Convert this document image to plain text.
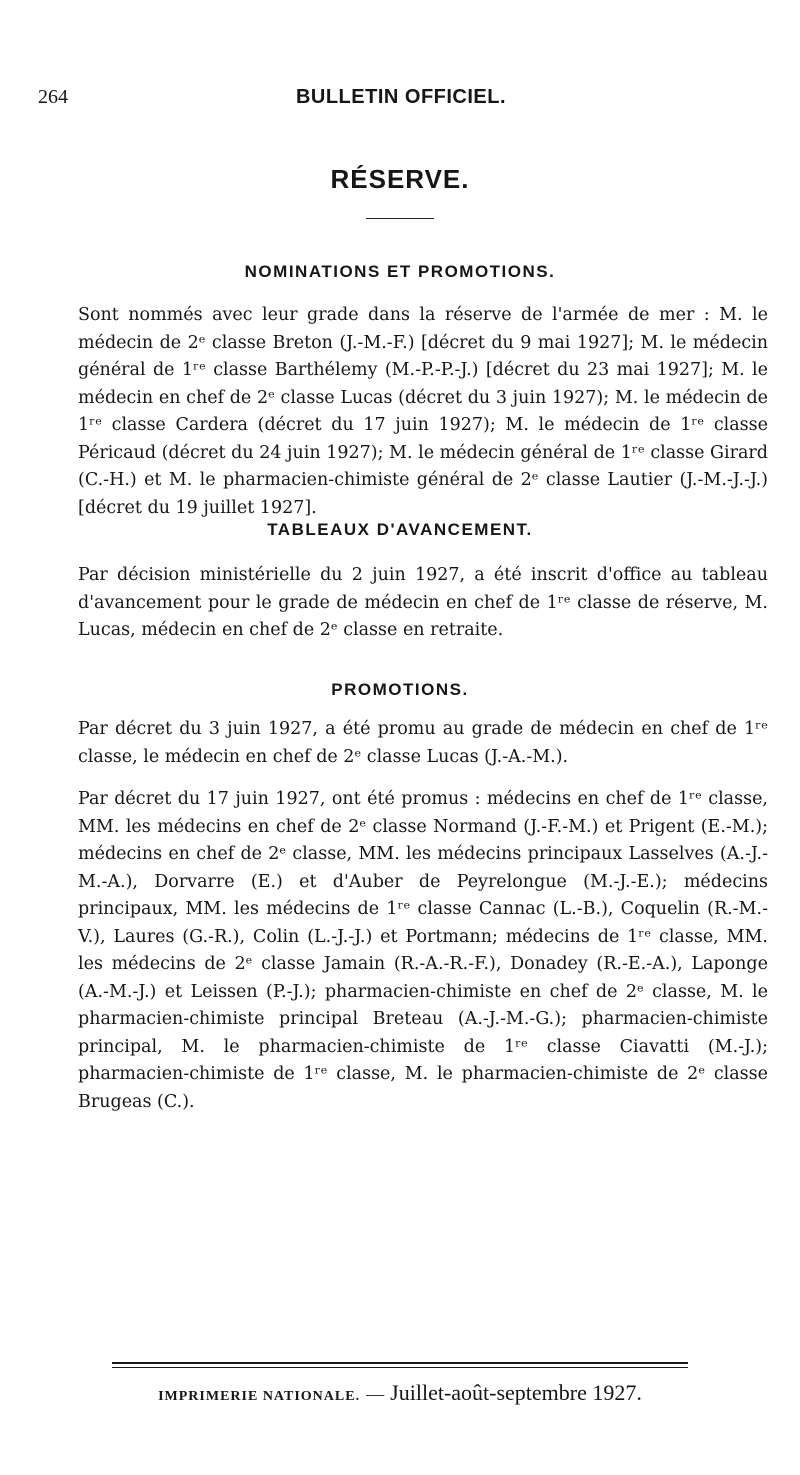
264	BULLETIN OFFICIEL.
RÉSERVE.
NOMINATIONS ET PROMOTIONS.

Sont nommés avec leur grade dans la réserve de l'armée de mer : M. le médecin de 2ᵉ classe Breton (J.-M.-F.) [décret du 9 mai 1927]; M. le médecin général de 1ʳᵉ classe Barthélemy (M.-P.-P.-J.) [décret du 23 mai 1927]; M. le médecin en chef de 2ᵉ classe Lucas (décret du 3 juin 1927); M. le médecin de 1ʳᵉ classe Cardera (décret du 17 juin 1927); M. le médecin de 1ʳᵉ classe Péricaud (décret du 24 juin 1927); M. le médecin général de 1ʳᵉ classe Girard (C.-H.) et M. le pharmacien-chimiste général de 2ᵉ classe Lautier (J.-M.-J.-J.) [décret du 19 juillet 1927].

TABLEAUX D'AVANCEMENT.

Par décision ministérielle du 2 juin 1927, a été inscrit d'office au tableau d'avancement pour le grade de médecin en chef de 1ʳᵉ classe de réserve, M. Lucas, médecin en chef de 2ᵉ classe en retraite.

PROMOTIONS.

Par décret du 3 juin 1927, a été promu au grade de médecin en chef de 1ʳᵉ classe, le médecin en chef de 2ᵉ classe Lucas (J.-A.-M.).

Par décret du 17 juin 1927, ont été promus : médecins en chef de 1ʳᵉ classe, MM. les médecins en chef de 2ᵉ classe Normand (J.-F.-M.) et Prigent (E.-M.); médecins en chef de 2ᵉ classe, MM. les médecins principaux Lasselves (A.-J.-M.-A.), Dorvarre (E.) et d'Auber de Peyrelongue (M.-J.-E.); médecins principaux, MM. les médecins de 1ʳᵉ classe Cannac (L.-B.), Coquelin (R.-M.-V.), Laures (G.-R.), Colin (L.-J.-J.) et Portmann; médecins de 1ʳᵉ classe, MM. les médecins de 2ᵉ classe Jamain (R.-A.-R.-F.), Donadey (R.-E.-A.), Laponge (A.-M.-J.) et Leissen (P.-J.); pharmacien-chimiste en chef de 2ᵉ classe, M. le pharmacien-chimiste principal Breteau (A.-J.-M.-G.); pharmacien-chimiste principal, M. le pharmacien-chimiste de 1ʳᵉ classe Ciavatti (M.-J.); pharmacien-chimiste de 1ʳᵉ classe, M. le pharmacien-chimiste de 2ᵉ classe Brugeas (C.).

IMPRIMERIE NATIONALE. — Juillet-août-septembre 1927.
